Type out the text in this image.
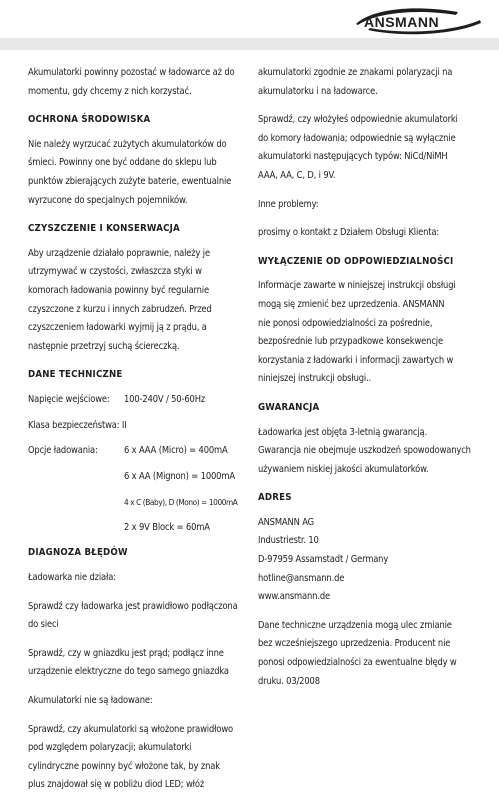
ANSMANN
Akumulatorki powinny pozostać w ładowarce aż do
momentu, gdy chcemy z nich korzystać.
OCHRONA ŚRODOWISKA
Nie należy wyrzucać zużytych akumulatorków do
śmieci. Powinny one być oddane do sklepu lub
punktów zbierających zużyte baterie, ewentualnie
wyrzucone do specjalnych pojemników.
CZYSZCZENIE I KONSERWACJA
Aby urządzenie działało poprawnie, należy je
utrzymywać w czystości, zwłaszcza styki w
komorach ładowania powinny być regularnie
czyszczone z kurzu i innych zabrudzeń. Przed
czyszczeniem ładowarki wyjmij ją z prądu, a
następnie przetrzyj suchą ściereczką.
DANE TECHNICZNE
Napięcie wejściowe:	100-240V / 50-60Hz
Klasa bezpieczeństwa: II
Opcje ładowania:	6 x AAA (Micro) = 400mA
6 x AA (Mignon) = 1000mA
4 x C (Baby), D (Mono) = 1000mA
2 x 9V Block = 60mA
DIAGNOZA BŁĘDÓW
Ładowarka nie działa:
Sprawdź czy ładowarka jest prawidłowo podłączona
do sieci
Sprawdź, czy w gniazdku jest prąd; podłącz inne
urządzenie elektryczne do tego samego gniazdka
Akumulatorki nie są ładowane:
Sprawdź, czy akumulatorki są włożone prawidłowo
pod względem polaryzacji; akumulatorki
cylindryczne powinny być włożone tak, by znak
plus znajdował się w pobliżu diod LED; włóż
akumulatorki zgodnie ze znakami polaryzacji na
akumulatorku i na ładowarce.
Sprawdź, czy włożyłeś odpowiednie akumulatorki
do komory ładowania; odpowiednie są wyłącznie
akumulatorki następujących typów: NiCd/NiMH
AAA, AA, C, D, i 9V.
Inne problemy:
prosimy o kontakt z Działem Obsługi Klienta:
WYŁĄCZENIE OD ODPOWIEDZIALNOŚCI
Informacje zawarte w niniejszej instrukcji obsługi
mogą się zmienić bez uprzedzenia. ANSMANN
nie ponosi odpowiedzialności za pośrednie,
bezpośrednie lub przypadkowe konsekwencje
korzystania z ładowarki i informacji zawartych w
niniejszej instrukcji obsługi..
GWARANCJA
Ładowarka jest objęta 3-letnią gwarancją.
Gwarancja nie obejmuje uszkodzeń spowodowanych
używaniem niskiej jakości akumulatorków.
ADRES
ANSMANN AG
Industriestr. 10
D-97959 Assamstadt / Germany
hotline@ansmann.de
www.ansmann.de
Dane techniczne urządzenia mogą ulec zmianie
bez wcześniejszego uprzedzenia. Producent nie
ponosi odpowiedzialności za ewentualne błędy w
druku. 03/2008
